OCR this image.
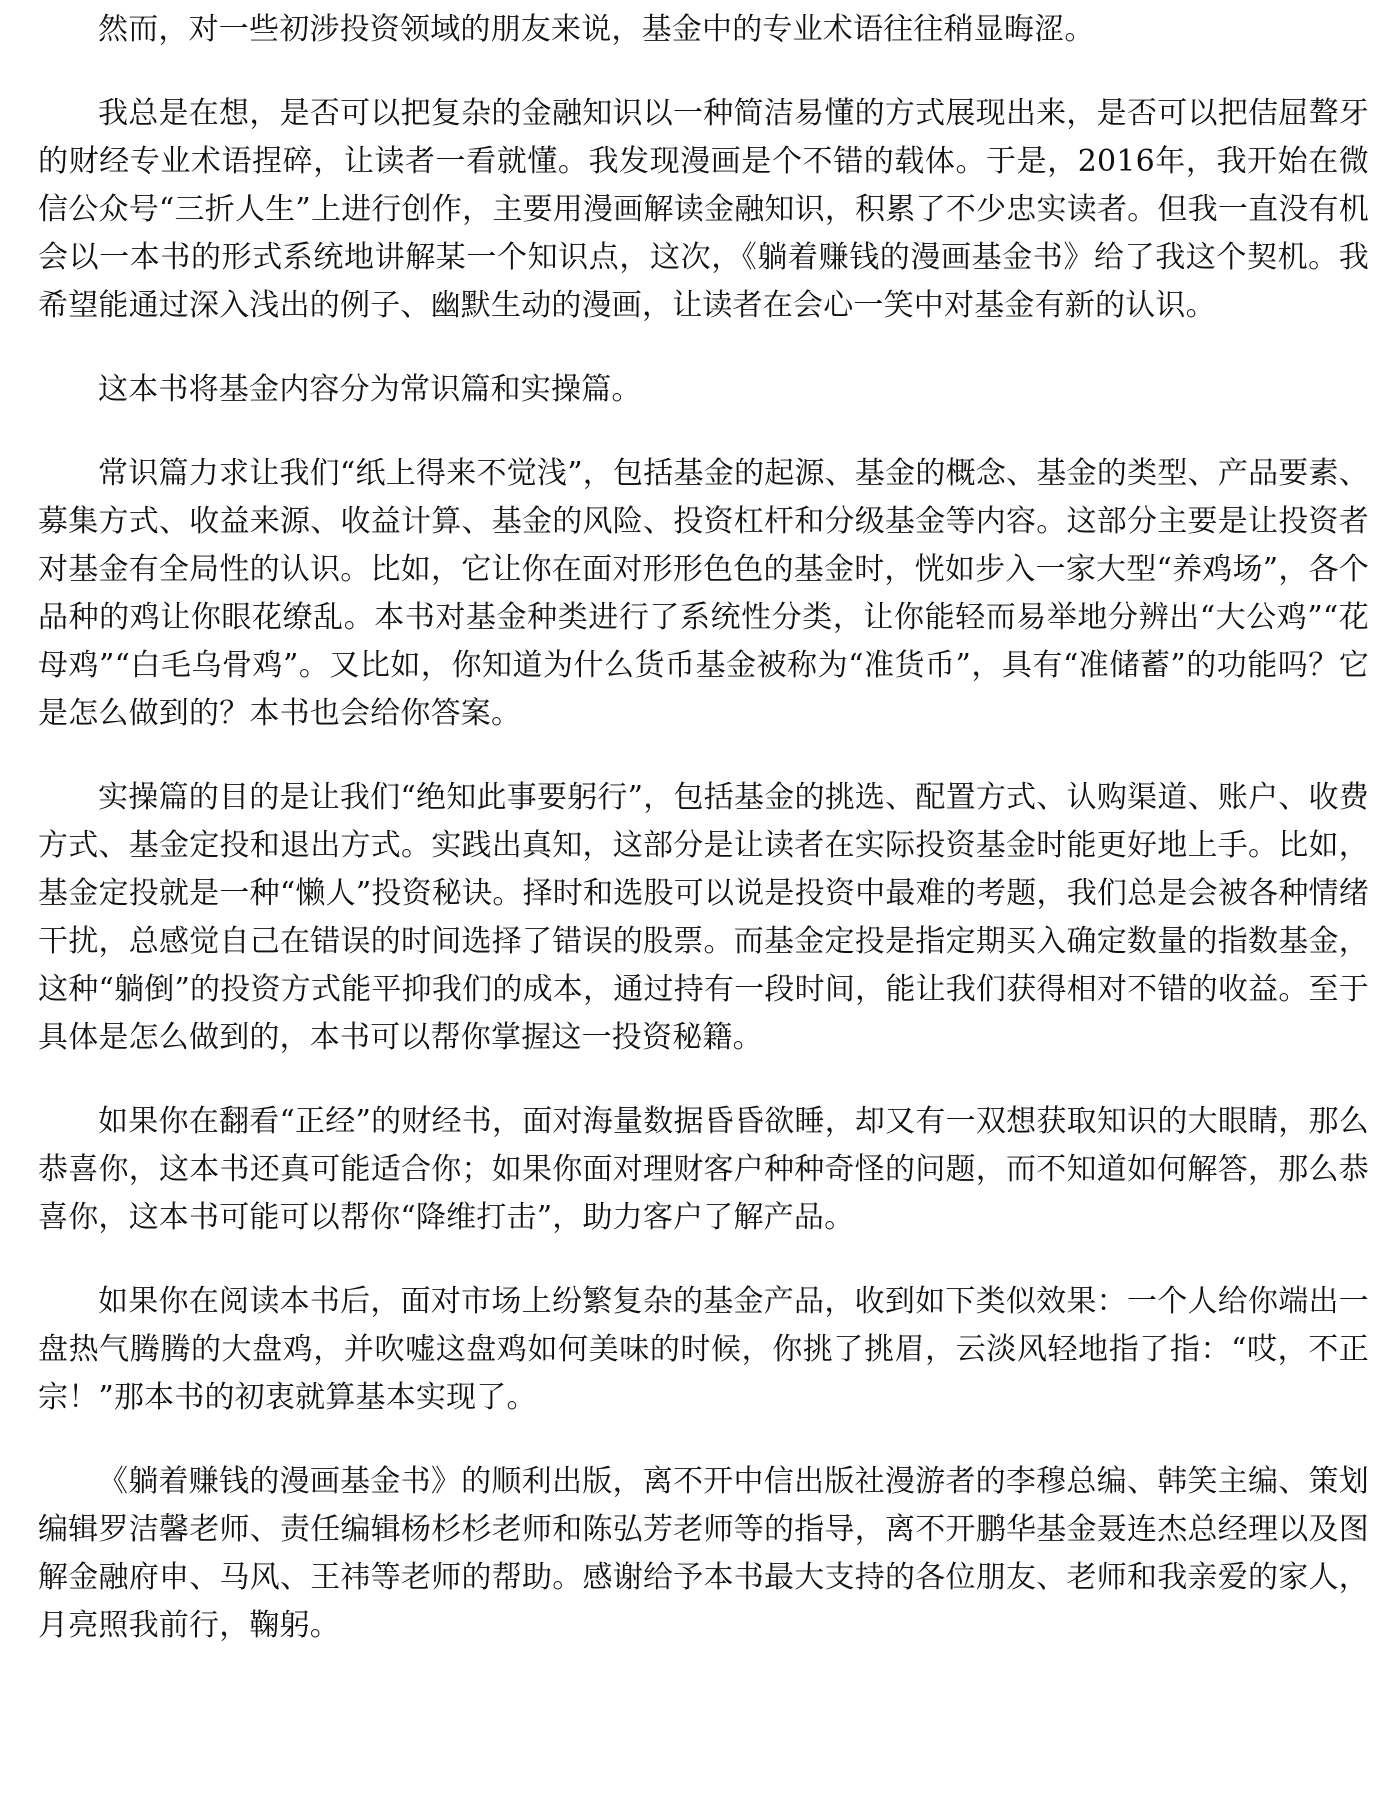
然而，对一些初涉投资领域的朋友来说，基金中的专业术语往往稍显晦涩。

我总是在想，是否可以把复杂的金融知识以一种简洁易懂的方式展现出来，是否可以把佶屈聱牙的财经专业术语捏碎，让读者一看就懂。我发现漫画是个不错的载体。于是，2016年，我开始在微信公众号“三折人生”上进行创作，主要用漫画解读金融知识，积累了不少忠实读者。但我一直没有机会以一本书的形式系统地讲解某一个知识点，这次，《躺着赚钱的漫画基金书》给了我这个契机。我希望能通过深入浅出的例子、幽默生动的漫画，让读者在会心一笑中对基金有新的认识。

这本书将基金内容分为常识篇和实操篇。

常识篇力求让我们“纸上得来不觉浅”，包括基金的起源、基金的概念、基金的类型、产品要素、募集方式、收益来源、收益计算、基金的风险、投资杠杆和分级基金等内容。这部分主要是让投资者对基金有全局性的认识。比如，它让你在面对形形色色的基金时，恍如步入一家大型“养鸡场”，各个品种的鸡让你眼花缭乱。本书对基金种类进行了系统性分类，让你能轻而易举地分辨出“大公鸡”“花母鸡”“白毛乌骨鸡”。又比如，你知道为什么货币基金被称为“准货币”，具有“准储蓄”的功能吗？它是怎么做到的？本书也会给你答案。

实操篇的目的是让我们“绝知此事要躬行”，包括基金的挑选、配置方式、认购渠道、账户、收费方式、基金定投和退出方式。实践出真知，这部分是让读者在实际投资基金时能更好地上手。比如，基金定投就是一种“懒人”投资秘诀。择时和选股可以说是投资中最难的考题，我们总是会被各种情绪干扰，总感觉自己在错误的时间选择了错误的股票。而基金定投是指定期买入确定数量的指数基金，这种“躺倒”的投资方式能平抑我们的成本，通过持有一段时间，能让我们获得相对不错的收益。至于具体是怎么做到的，本书可以帮你掌握这一投资秘籍。

如果你在翻看“正经”的财经书，面对海量数据昏昏欲睡，却又有一双想获取知识的大眼睛，那么恭喜你，这本书还真可能适合你；如果你面对理财客户种种奇怪的问题，而不知道如何解答，那么恭喜你，这本书可能可以帮你“降维打击”，助力客户了解产品。

如果你在阅读本书后，面对市场上纷繁复杂的基金产品，收到如下类似效果：一个人给你端出一盘热气腾腾的大盘鸡，并吹嘘这盘鸡如何美味的时候，你挑了挑眉，云淡风轻地指了指：“哎，不正宗！”那本书的初衷就算基本实现了。

《躺着赚钱的漫画基金书》的顺利出版，离不开中信出版社漫游者的李穆总编、韩笑主编、策划编辑罗洁馨老师、责任编辑杨杉杉老师和陈弘芳老师等的指导，离不开鹏华基金聂连杰总经理以及图解金融府申、马风、王祎等老师的帮助。感谢给予本书最大支持的各位朋友、老师和我亲爱的家人，月亮照我前行，鞠躬。
